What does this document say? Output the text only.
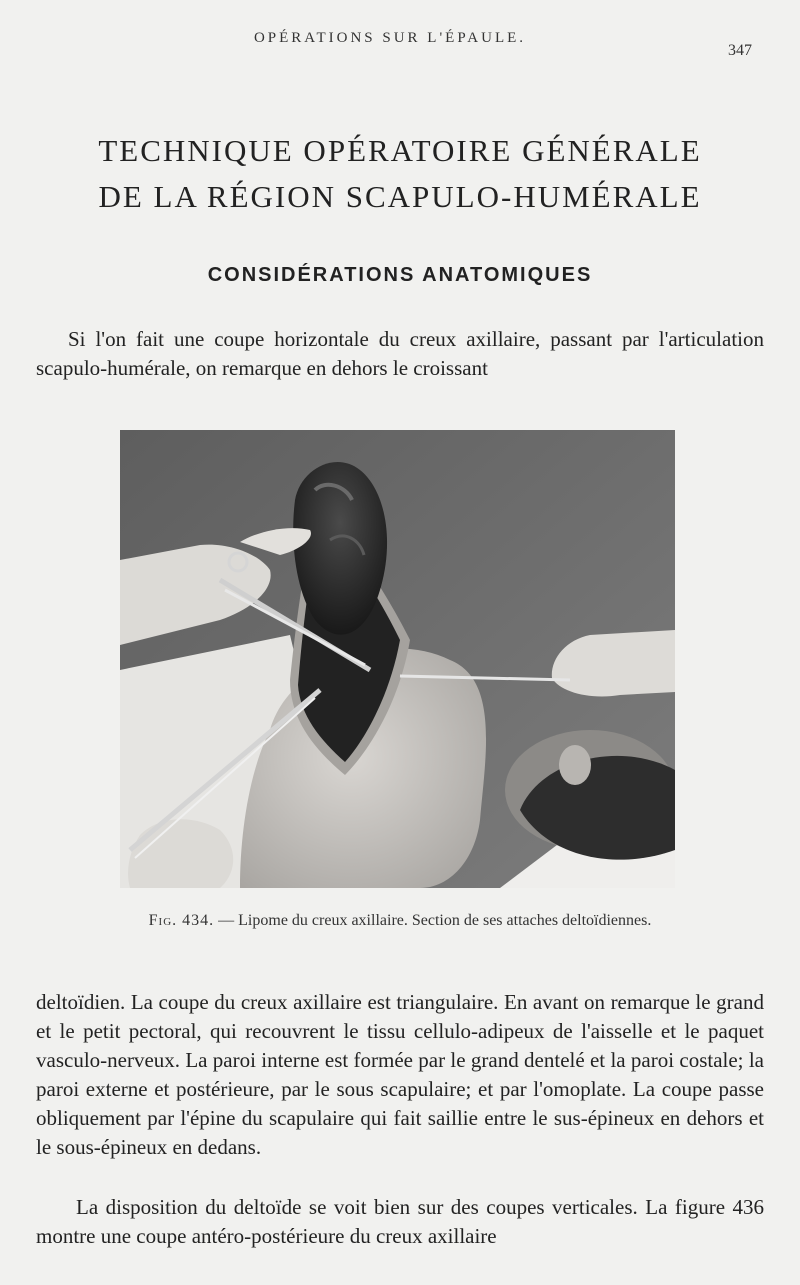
OPÉRATIONS SUR L'ÉPAULE.
347
TECHNIQUE OPÉRATOIRE GÉNÉRALE
DE LA RÉGION SCAPULO-HUMÉRALE
CONSIDÉRATIONS ANATOMIQUES

Si l'on fait une coupe horizontale du creux axillaire, passant par l'articulation scapulo-humérale, on remarque en dehors le croissant

Fig. 434. — Lipome du creux axillaire. Section de ses attaches deltoïdiennes.

deltoïdien. La coupe du creux axillaire est triangulaire. En avant on remarque le grand et le petit pectoral, qui recouvrent le tissu cellulo-adipeux de l'aisselle et le paquet vasculo-nerveux. La paroi interne est formée par le grand dentelé et la paroi costale; la paroi externe et postérieure, par le sous scapulaire; et par l'omoplate. La coupe passe obliquement par l'épine du scapulaire qui fait saillie entre le sus-épineux en dehors et le sous-épineux en dedans.

La disposition du deltoïde se voit bien sur des coupes verticales. La figure 436 montre une coupe antéro-postérieure du creux axillaire
